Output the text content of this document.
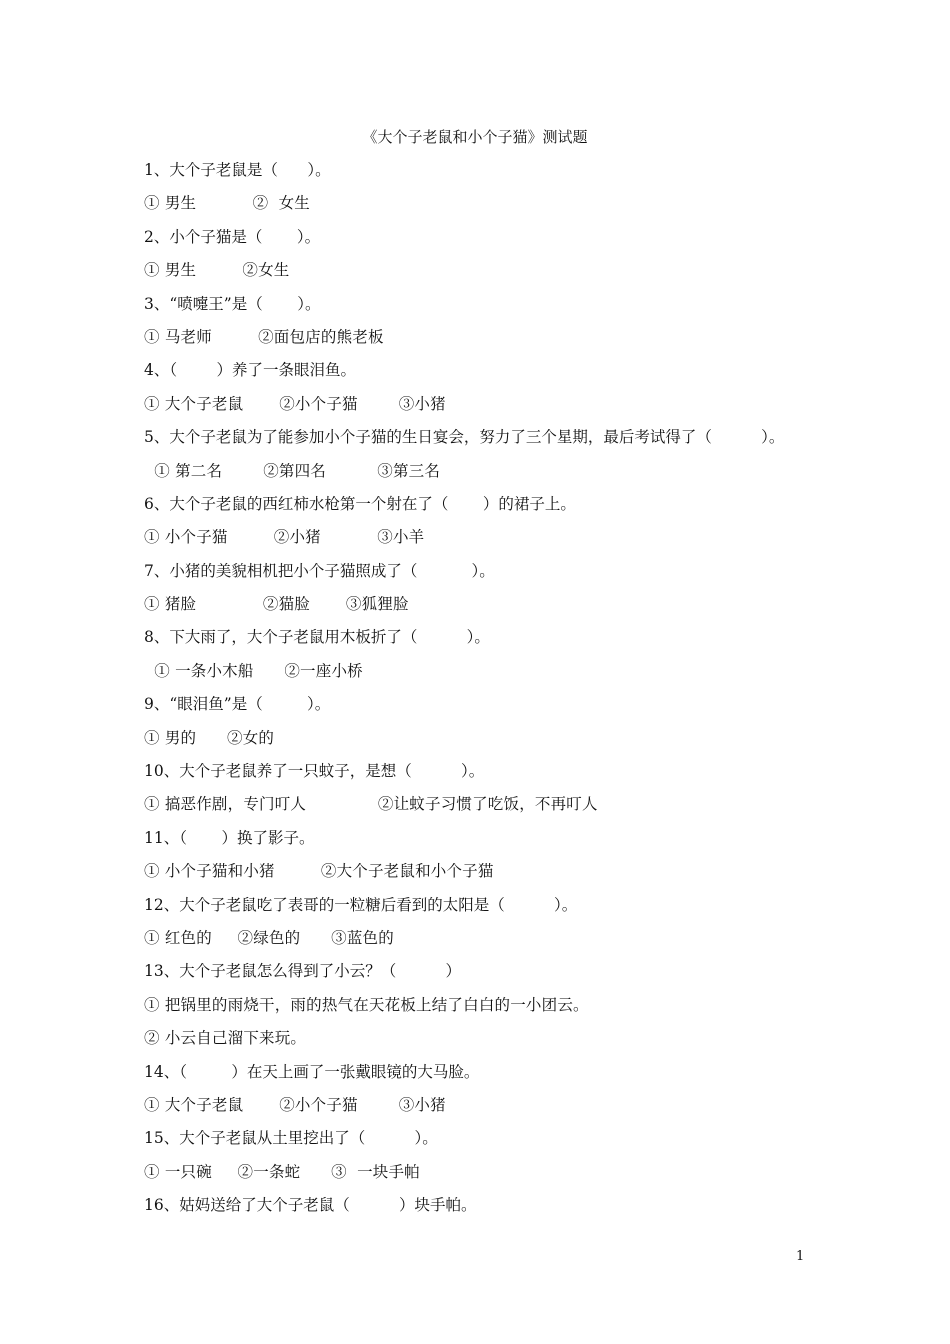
《大个子老鼠和小个子猫》测试题
1、大个子老鼠是（      ）。
① 男生           ②  女生
2、小个子猫是（       ）。
① 男生         ②女生
3、“喷嚏王”是（       ）。
① 马老师         ②面包店的熊老板
4、（        ）养了一条眼泪鱼。
① 大个子老鼠       ②小个子猫        ③小猪
5、大个子老鼠为了能参加小个子猫的生日宴会，努力了三个星期，最后考试得了（          ）。
① 第二名        ②第四名          ③第三名
6、大个子老鼠的西红柿水枪第一个射在了（       ）的裙子上。
① 小个子猫         ②小猪           ③小羊
7、小猪的美貌相机把小个子猫照成了（           ）。
① 猪脸             ②猫脸       ③狐狸脸
8、下大雨了，大个子老鼠用木板折了（          ）。
① 一条小木船      ②一座小桥
9、“眼泪鱼”是（         ）。
① 男的      ②女的
10、大个子老鼠养了一只蚊子，是想（          ）。
① 搞恶作剧，专门叮人              ②让蚊子习惯了吃饭，不再叮人
11、（       ）换了影子。
① 小个子猫和小猪         ②大个子老鼠和小个子猫
12、大个子老鼠吃了表哥的一粒糖后看到的太阳是（          ）。
① 红色的     ②绿色的      ③蓝色的
13、大个子老鼠怎么得到了小云？（          ）
① 把锅里的雨烧干，雨的热气在天花板上结了白白的一小团云。
② 小云自己溜下来玩。
14、（         ）在天上画了一张戴眼镜的大马脸。
① 大个子老鼠       ②小个子猫        ③小猪
15、大个子老鼠从土里挖出了（          ）。
① 一只碗     ②一条蛇      ③  一块手帕
16、姑妈送给了大个子老鼠（          ）块手帕。
1
